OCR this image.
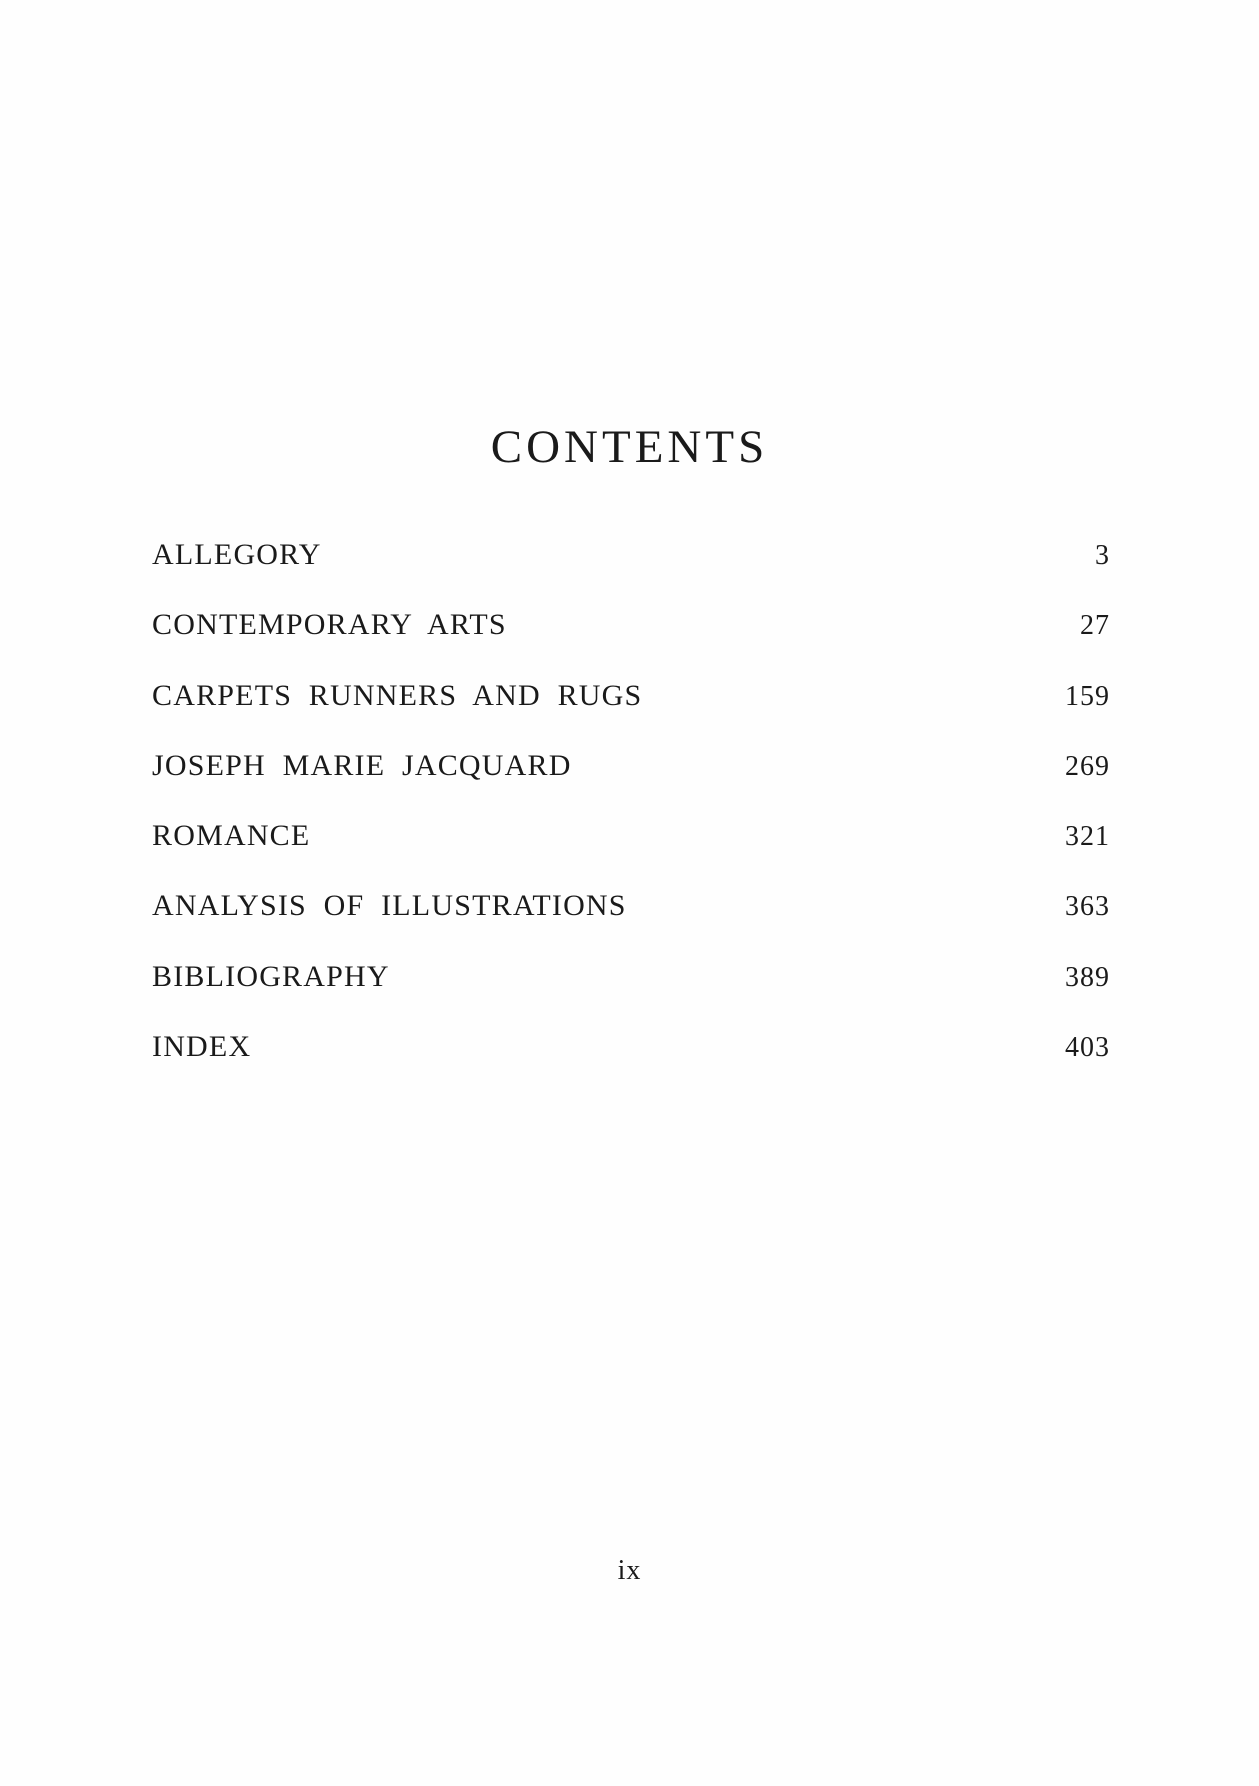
CONTENTS
ALLEGORY	3
CONTEMPORARY ARTS	27
CARPETS RUNNERS AND RUGS	159
JOSEPH MARIE JACQUARD	269
ROMANCE	321
ANALYSIS OF ILLUSTRATIONS	363
BIBLIOGRAPHY	389
INDEX	403
ix
